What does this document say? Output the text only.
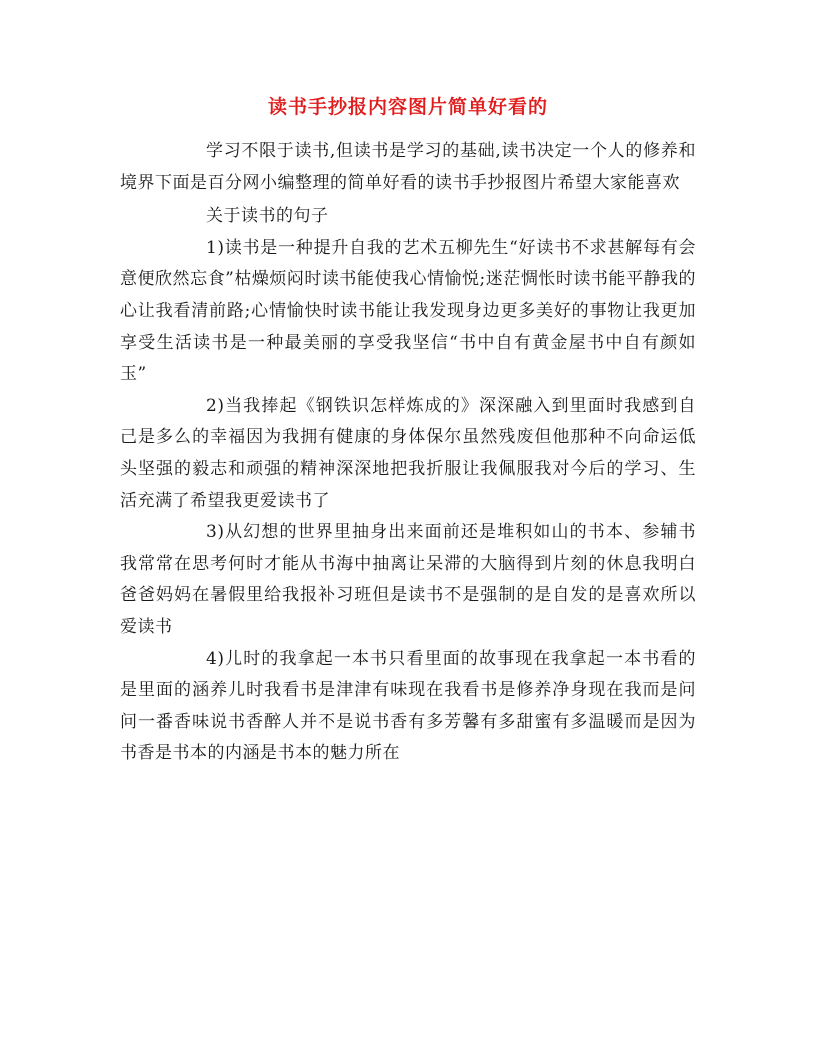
读书手抄报内容图片简单好看的

学习不限于读书,但读书是学习的基础,读书决定一个人的修养和境界下面是百分网小编整理的简单好看的读书手抄报图片希望大家能喜欢

关于读书的句子

1)读书是一种提升自我的艺术五柳先生“好读书不求甚解每有会意便欣然忘食”枯燥烦闷时读书能使我心情愉悦;迷茫惆怅时读书能平静我的心让我看清前路;心情愉快时读书能让我发现身边更多美好的事物让我更加享受生活读书是一种最美丽的享受我坚信“书中自有黄金屋书中自有颜如玉”

2)当我捧起《钢铁识怎样炼成的》深深融入到里面时我感到自己是多么的幸福因为我拥有健康的身体保尔虽然残废但他那种不向命运低头坚强的毅志和顽强的精神深深地把我折服让我佩服我对今后的学习、生活充满了希望我更爱读书了

3)从幻想的世界里抽身出来面前还是堆积如山的书本、参辅书我常常在思考何时才能从书海中抽离让呆滞的大脑得到片刻的休息我明白爸爸妈妈在暑假里给我报补习班但是读书不是强制的是自发的是喜欢所以爱读书

4)儿时的我拿起一本书只看里面的故事现在我拿起一本书看的是里面的涵养儿时我看书是津津有味现在我看书是修养净身现在我而是问问一番香味说书香醉人并不是说书香有多芳馨有多甜蜜有多温暖而是因为书香是书本的内涵是书本的魅力所在
